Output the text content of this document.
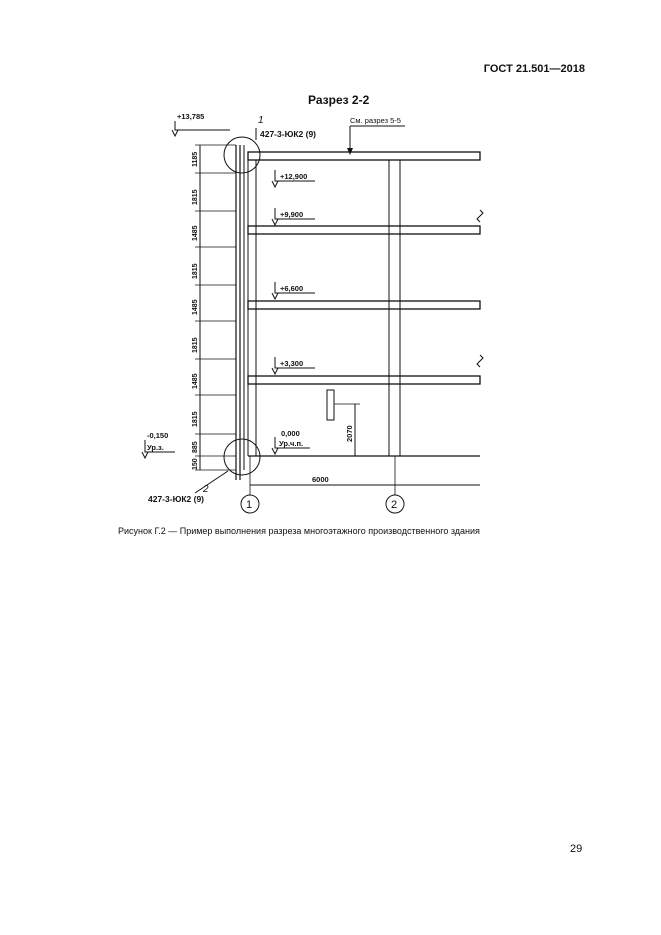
ГОСТ 21.501—2018
Разрез 2-2
См. разрез 5-5
1
427-3-ЮК2 (9)
2
427-3-ЮК2 (9)
+13,785
+12,900
+9,900
+6,600
+3,300
0,000
Ур.ч.п.
-0,150
Ур.з.
1185
1815
1485
1815
1485
1815
1485
1815
885
150
2070
6000
1	2
Рисунок Г.2 — Пример выполнения разреза многоэтажного производственного здания
29
